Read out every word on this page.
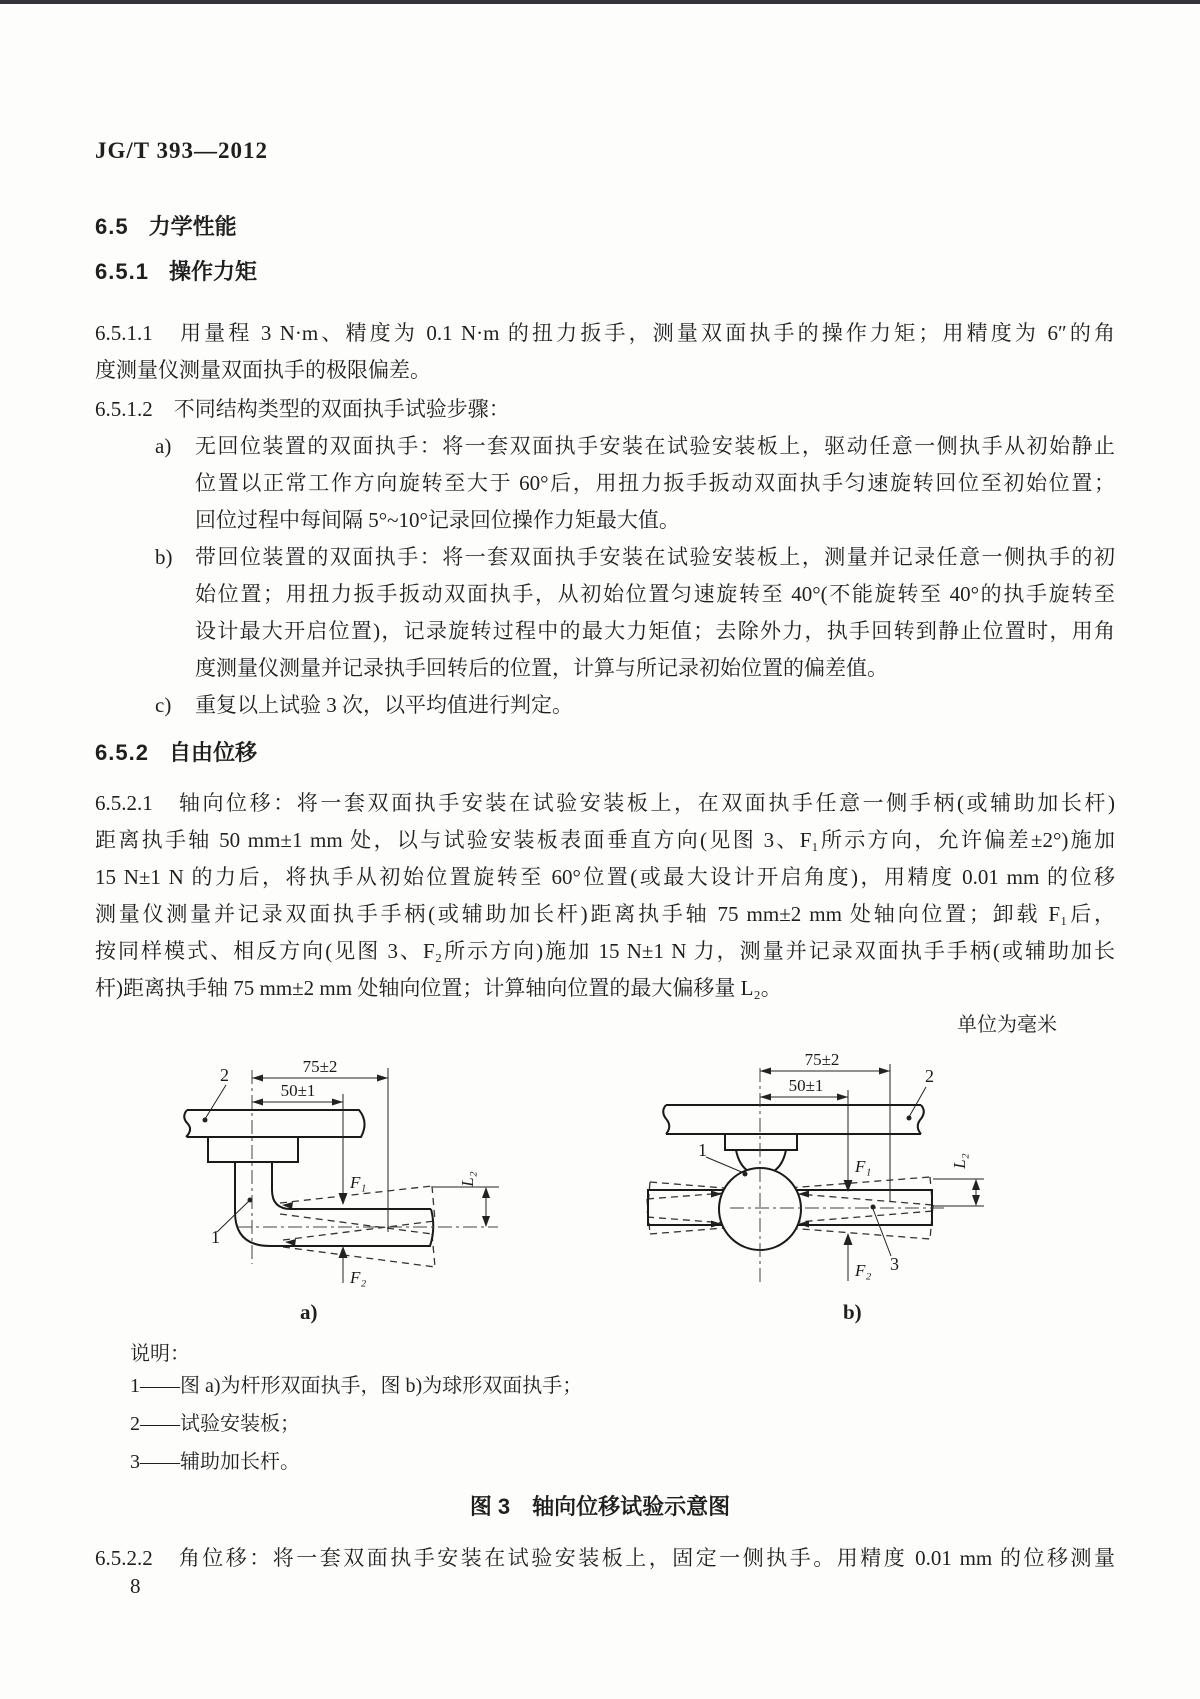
JG/T 393—2012
6.5 力学性能
6.5.1 操作力矩
6.5.1.1　用量程 3 N·m、精度为 0.1 N·m 的扭力扳手，测量双面执手的操作力矩；用精度为 6″的角
度测量仪测量双面执手的极限偏差。
6.5.1.2　不同结构类型的双面执手试验步骤：
a) 无回位装置的双面执手：将一套双面执手安装在试验安装板上，驱动任意一侧执手从初始静止
位置以正常工作方向旋转至大于 60°后，用扭力扳手扳动双面执手匀速旋转回位至初始位置；
回位过程中每间隔 5°~10°记录回位操作力矩最大值。
b) 带回位装置的双面执手：将一套双面执手安装在试验安装板上，测量并记录任意一侧执手的初
始位置；用扭力扳手扳动双面执手，从初始位置匀速旋转至 40°(不能旋转至 40°的执手旋转至
设计最大开启位置)，记录旋转过程中的最大力矩值；去除外力，执手回转到静止位置时，用角
度测量仪测量并记录执手回转后的位置，计算与所记录初始位置的偏差值。
c) 重复以上试验 3 次，以平均值进行判定。
6.5.2 自由位移
6.5.2.1　轴向位移：将一套双面执手安装在试验安装板上，在双面执手任意一侧手柄(或辅助加长杆)
距离执手轴 50 mm±1 mm 处，以与试验安装板表面垂直方向(见图 3、F₁所示方向，允许偏差±2°)施加
15 N±1 N 的力后，将执手从初始位置旋转至 60°位置(或最大设计开启角度)，用精度 0.01 mm 的位移
测量仪测量并记录双面执手手柄(或辅助加长杆)距离执手轴 75 mm±2 mm 处轴向位置；卸载 F₁后，
按同样模式、相反方向(见图 3、F₂所示方向)施加 15 N±1 N 力，测量并记录双面执手手柄(或辅助加长
杆)距离执手轴 75 mm±2 mm 处轴向位置；计算轴向位置的最大偏移量 L₂。
单位为毫米
75±2
50±1
F₁
F₂
L₂
1
2
75±2
50±1
F₁
F₂
L₂
1
2
3
a)	b)
说明：
1——图 a)为杆形双面执手，图 b)为球形双面执手；
2——试验安装板；
3——辅助加长杆。
图 3　轴向位移试验示意图
6.5.2.2　角位移：将一套双面执手安装在试验安装板上，固定一侧执手。用精度 0.01 mm 的位移测量
8
